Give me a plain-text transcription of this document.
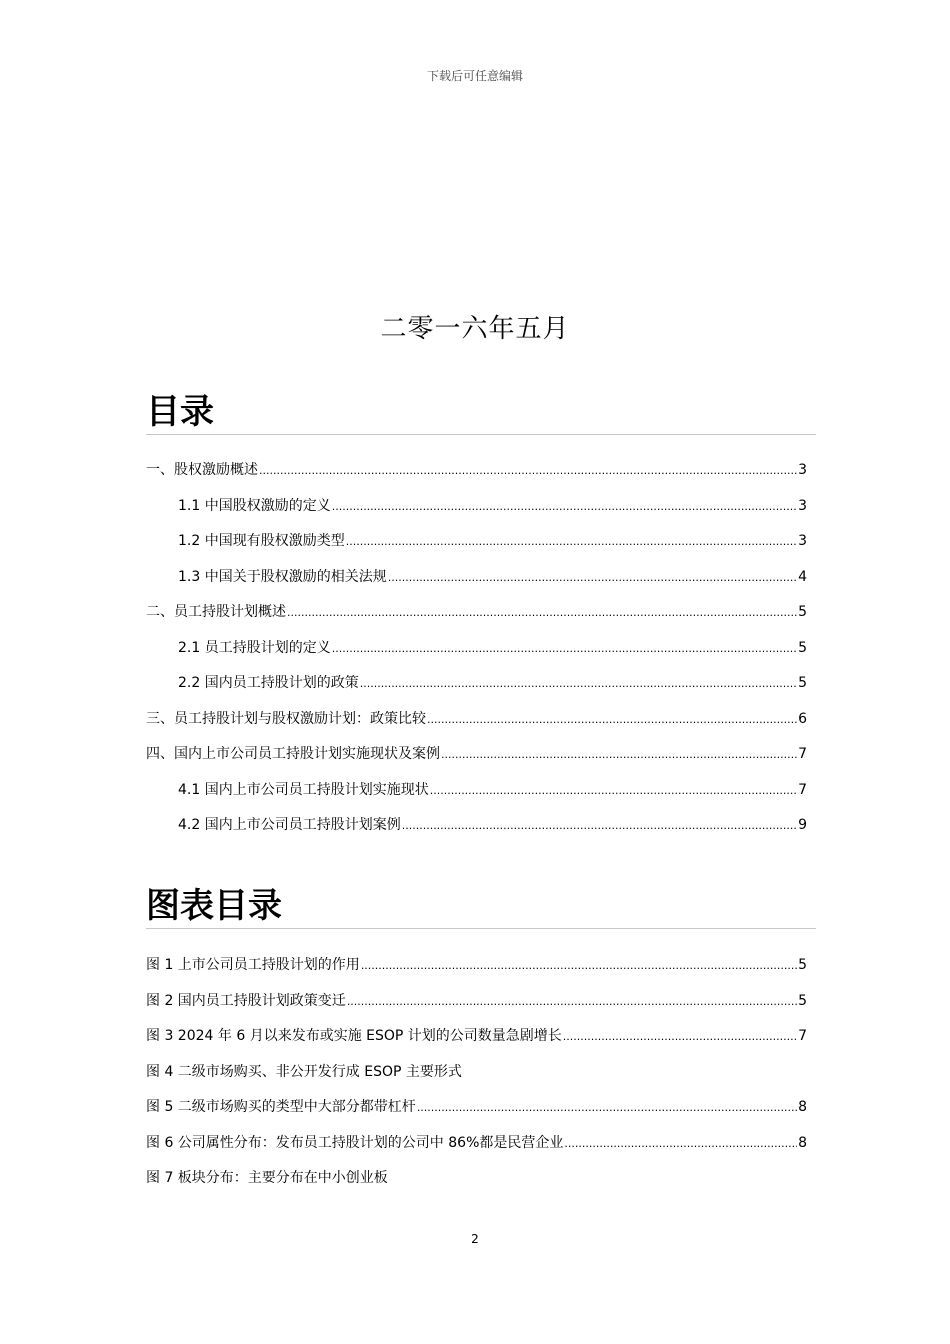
下载后可任意编辑
二零一六年五月
目录
一、股权激励概述 .....	3
1.1 中国股权激励的定义 .....	3
1.2 中国现有股权激励类型 .....	3
1.3 中国关于股权激励的相关法规 .....	4
二、员工持股计划概述 .....	5
2.1 员工持股计划的定义 .....	5
2.2 国内员工持股计划的政策 .....	5
三、员工持股计划与股权激励计划：政策比较 .....	6
四、国内上市公司员工持股计划实施现状及案例 .....	7
4.1 国内上市公司员工持股计划实施现状 .....	7
4.2 国内上市公司员工持股计划案例 .....	9
图表目录
图 1 上市公司员工持股计划的作用 .....	5
图 2 国内员工持股计划政策变迁 .....	5
图 3 2024 年 6 月以来发布或实施 ESOP 计划的公司数量急剧增长 .....	7
图 4 二级市场购买、非公开发行成 ESOP 主要形式
图 5 二级市场购买的类型中大部分都带杠杆 .....	8
图 6 公司属性分布：发布员工持股计划的公司中 86%都是民营企业 .....	8
图 7 板块分布：主要分布在中小创业板
2
